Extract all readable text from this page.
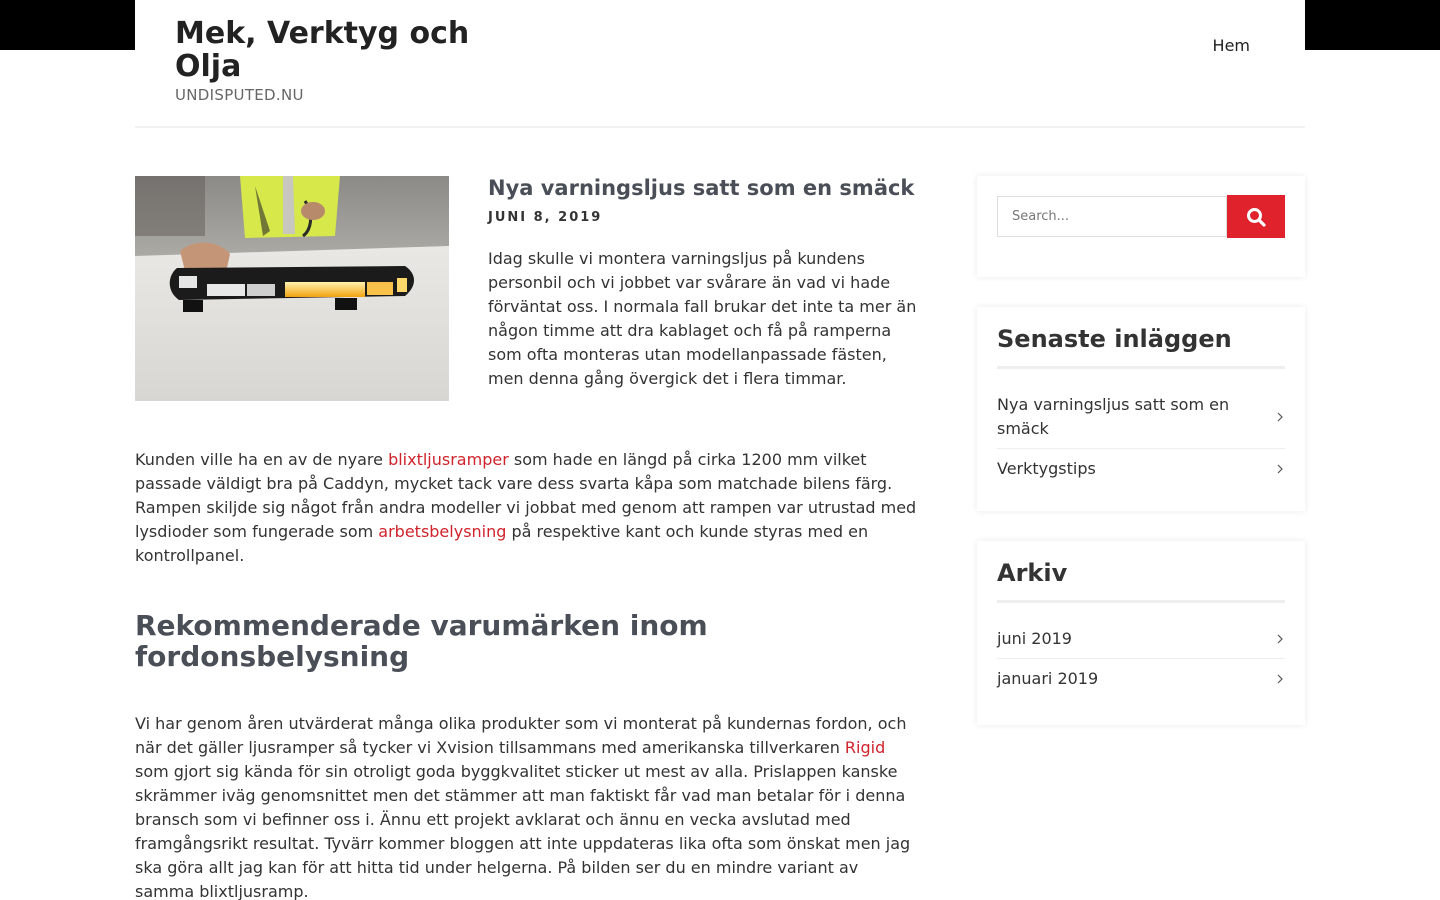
Mek, Verktyg och Olja
UNDISPUTED.NU
Hem
Nya varningsljus satt som en smäck
JUNI 8, 2019

Idag skulle vi montera varningsljus på kundens personbil och vi jobbet var svårare än vad vi hade förväntat oss. I normala fall brukar det inte ta mer än någon timme att dra kablaget och få på ramperna som ofta monteras utan modellanpassade fästen, men denna gång övergick det i flera timmar.

Kunden ville ha en av de nyare blixtljusramper som hade en längd på cirka 1200 mm vilket passade väldigt bra på Caddyn, mycket tack vare dess svarta kåpa som matchade bilens färg. Rampen skiljde sig något från andra modeller vi jobbat med genom att rampen var utrustad med lysdioder som fungerade som arbetsbelysning på respektive kant och kunde styras med en kontrollpanel.

Rekommenderade varumärken inom fordonsbelysning

Vi har genom åren utvärderat många olika produkter som vi monterat på kundernas fordon, och när det gäller ljusramper så tycker vi Xvision tillsammans med amerikanska tillverkaren Rigid som gjort sig kända för sin otroligt goda byggkvalitet sticker ut mest av alla. Prislappen kanske skrämmer iväg genomsnittet men det stämmer att man faktiskt får vad man betalar för i denna bransch som vi befinner oss i. Ännu ett projekt avklarat och ännu en vecka avslutad med framgångsrikt resultat. Tyvärr kommer bloggen att inte uppdateras lika ofta som önskat men jag ska göra allt jag kan för att hitta tid under helgerna. På bilden ser du en mindre variant av samma blixtljusramp.

Search...
Senaste inläggen
Nya varningsljus satt som en smäck
Verktygstips
Arkiv
juni 2019
januari 2019
